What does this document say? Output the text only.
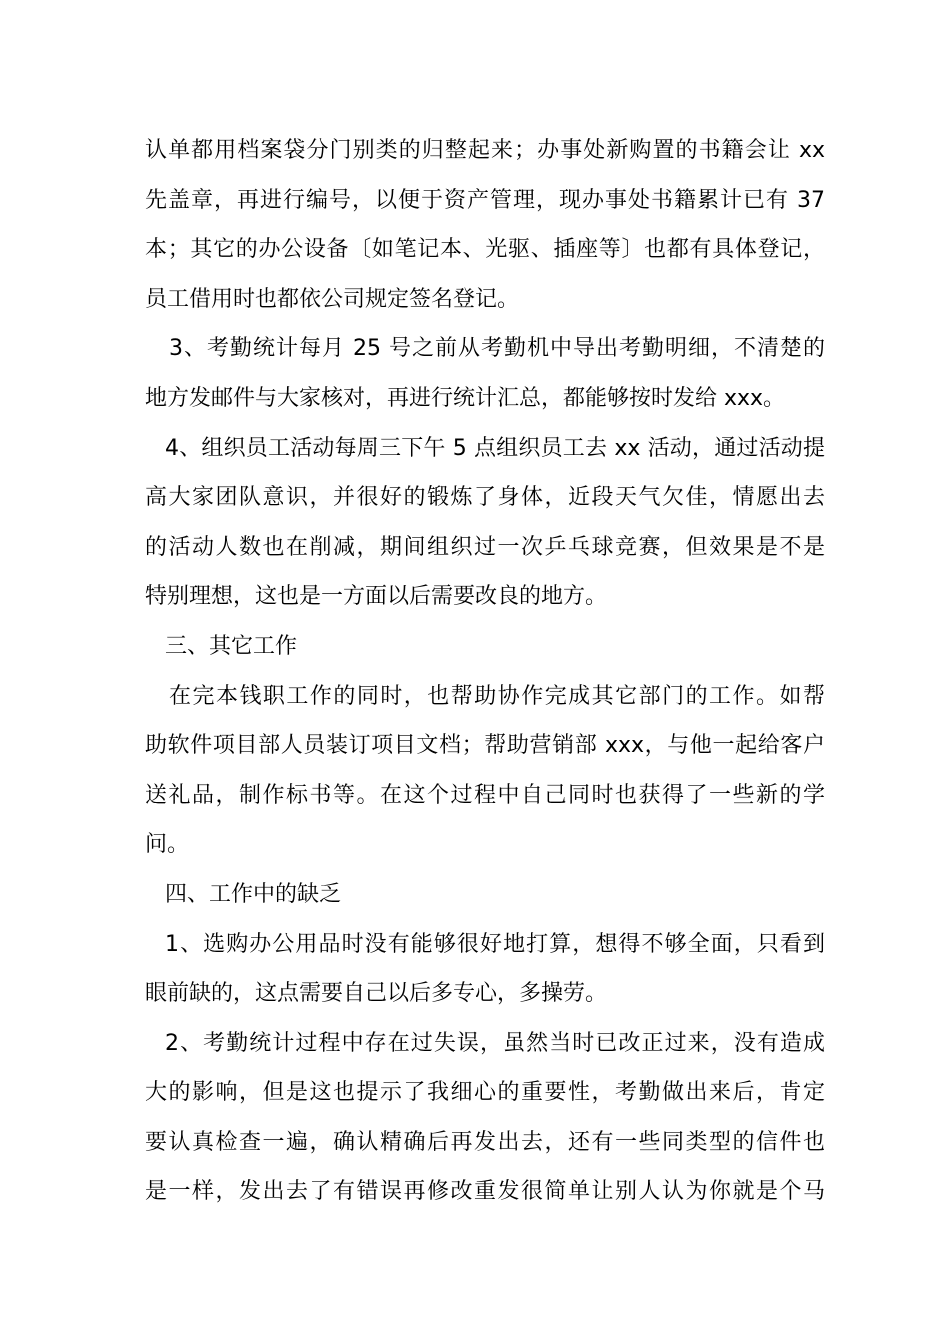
认单都用档案袋分门别类的归整起来；办事处新购置的书籍会让 xx
先盖章，再进行编号，以便于资产管理，现办事处书籍累计已有 37
本；其它的办公设备〔如笔记本、光驱、插座等〕也都有具体登记，
员工借用时也都依公司规定签名登记。
3、考勤统计每月 25 号之前从考勤机中导出考勤明细，不清楚的
地方发邮件与大家核对，再进行统计汇总，都能够按时发给 xxx。
4、组织员工活动每周三下午 5 点组织员工去 xx 活动，通过活动提
高大家团队意识，并很好的锻炼了身体，近段天气欠佳，情愿出去
的活动人数也在削减，期间组织过一次乒乓球竞赛，但效果是不是
特别理想，这也是一方面以后需要改良的地方。
三、其它工作
在完本钱职工作的同时，也帮助协作完成其它部门的工作。如帮
助软件项目部人员装订项目文档；帮助营销部 xxx，与他一起给客户
送礼品，制作标书等。在这个过程中自己同时也获得了一些新的学
问。
四、工作中的缺乏
1、选购办公用品时没有能够很好地打算，想得不够全面，只看到
眼前缺的，这点需要自己以后多专心，多操劳。
2、考勤统计过程中存在过失误，虽然当时已改正过来，没有造成
大的影响，但是这也提示了我细心的重要性，考勤做出来后，肯定
要认真检查一遍，确认精确后再发出去，还有一些同类型的信件也
是一样，发出去了有错误再修改重发很简单让别人认为你就是个马
